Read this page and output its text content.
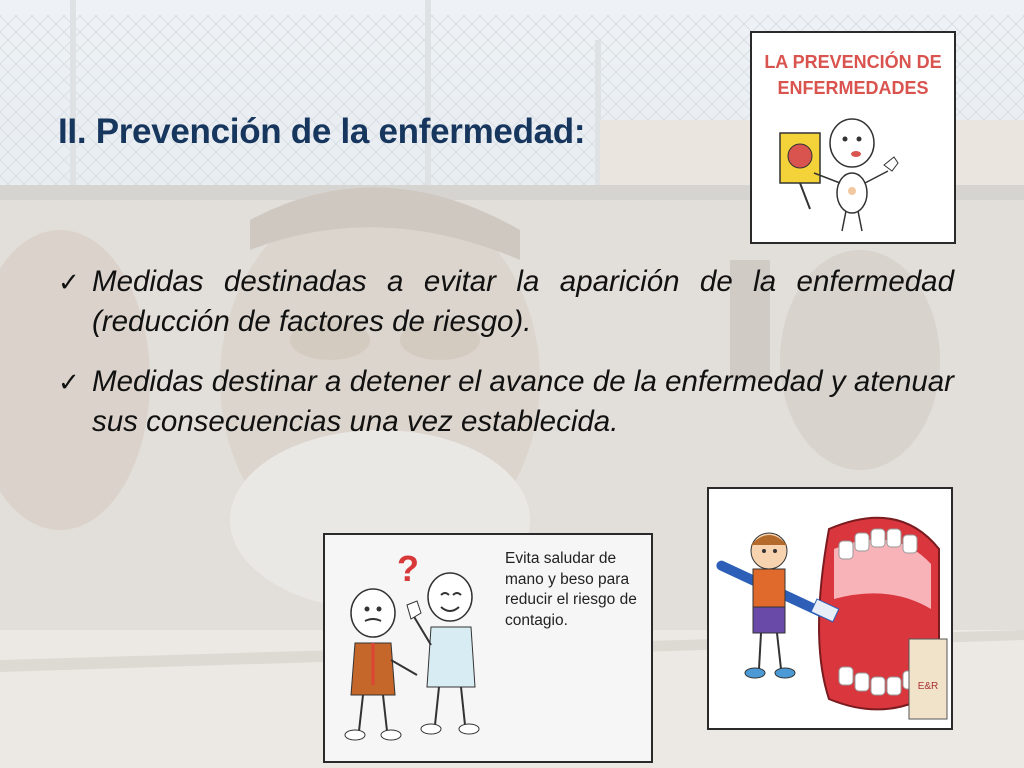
II. Prevención de la enfermedad:
✓ Medidas destinadas a evitar la aparición de la enfermedad (reducción de factores de riesgo).
✓ Medidas destinar a detener el avance de la enfermedad y atenuar sus consecuencias una vez establecida.

LA PREVENCIÓN DE ENFERMEDADES

?	Evita saludar de mano y beso para reducir el riesgo de contagio.

E&R
